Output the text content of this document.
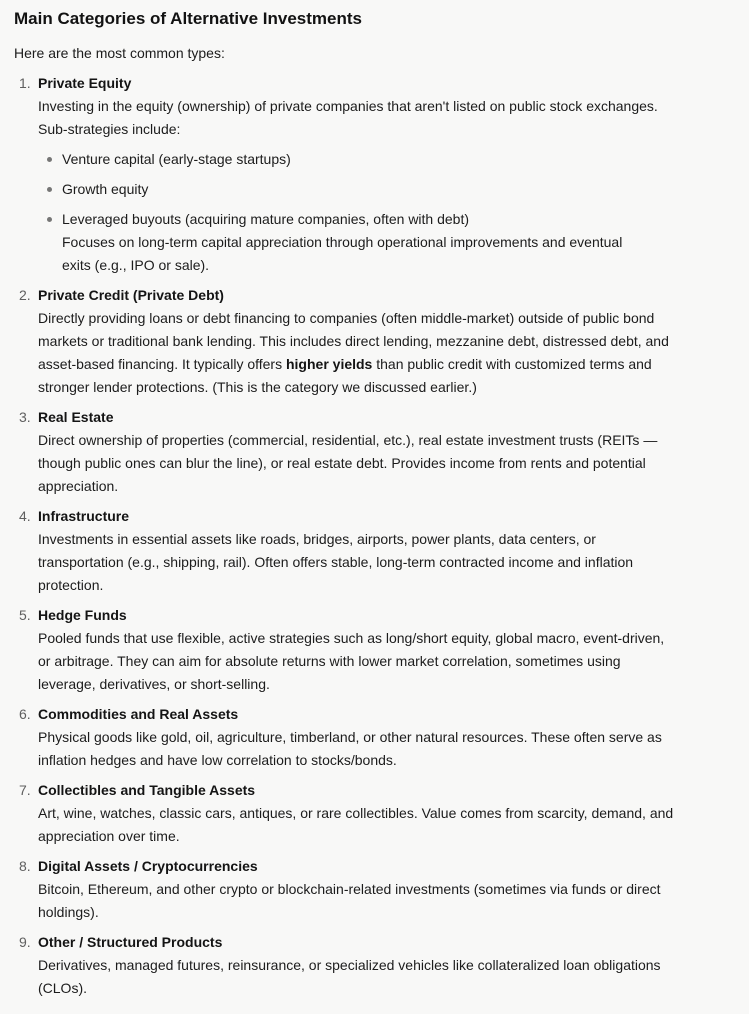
Main Categories of Alternative Investments

Here are the most common types:

1. Private Equity
Investing in the equity (ownership) of private companies that aren't listed on public stock exchanges. Sub-strategies include:

Venture capital (early-stage startups)
Growth equity
Leveraged buyouts (acquiring mature companies, often with debt)
Focuses on long-term capital appreciation through operational improvements and eventual exits (e.g., IPO or sale).
2. Private Credit (Private Debt)
Directly providing loans or debt financing to companies (often middle-market) outside of public bond markets or traditional bank lending. This includes direct lending, mezzanine debt, distressed debt, and asset-based financing. It typically offers higher yields than public credit with customized terms and stronger lender protections. (This is the category we discussed earlier.)

3. Real Estate
Direct ownership of properties (commercial, residential, etc.), real estate investment trusts (REITs — though public ones can blur the line), or real estate debt. Provides income from rents and potential appreciation.

4. Infrastructure
Investments in essential assets like roads, bridges, airports, power plants, data centers, or transportation (e.g., shipping, rail). Often offers stable, long-term contracted income and inflation protection.

5. Hedge Funds
Pooled funds that use flexible, active strategies such as long/short equity, global macro, event-driven, or arbitrage. They can aim for absolute returns with lower market correlation, sometimes using leverage, derivatives, or short-selling.

6. Commodities and Real Assets
Physical goods like gold, oil, agriculture, timberland, or other natural resources. These often serve as inflation hedges and have low correlation to stocks/bonds.

7. Collectibles and Tangible Assets
Art, wine, watches, classic cars, antiques, or rare collectibles. Value comes from scarcity, demand, and appreciation over time.

8. Digital Assets / Cryptocurrencies
Bitcoin, Ethereum, and other crypto or blockchain-related investments (sometimes via funds or direct holdings).

9. Other / Structured Products
Derivatives, managed futures, reinsurance, or specialized vehicles like collateralized loan obligations (CLOs).
